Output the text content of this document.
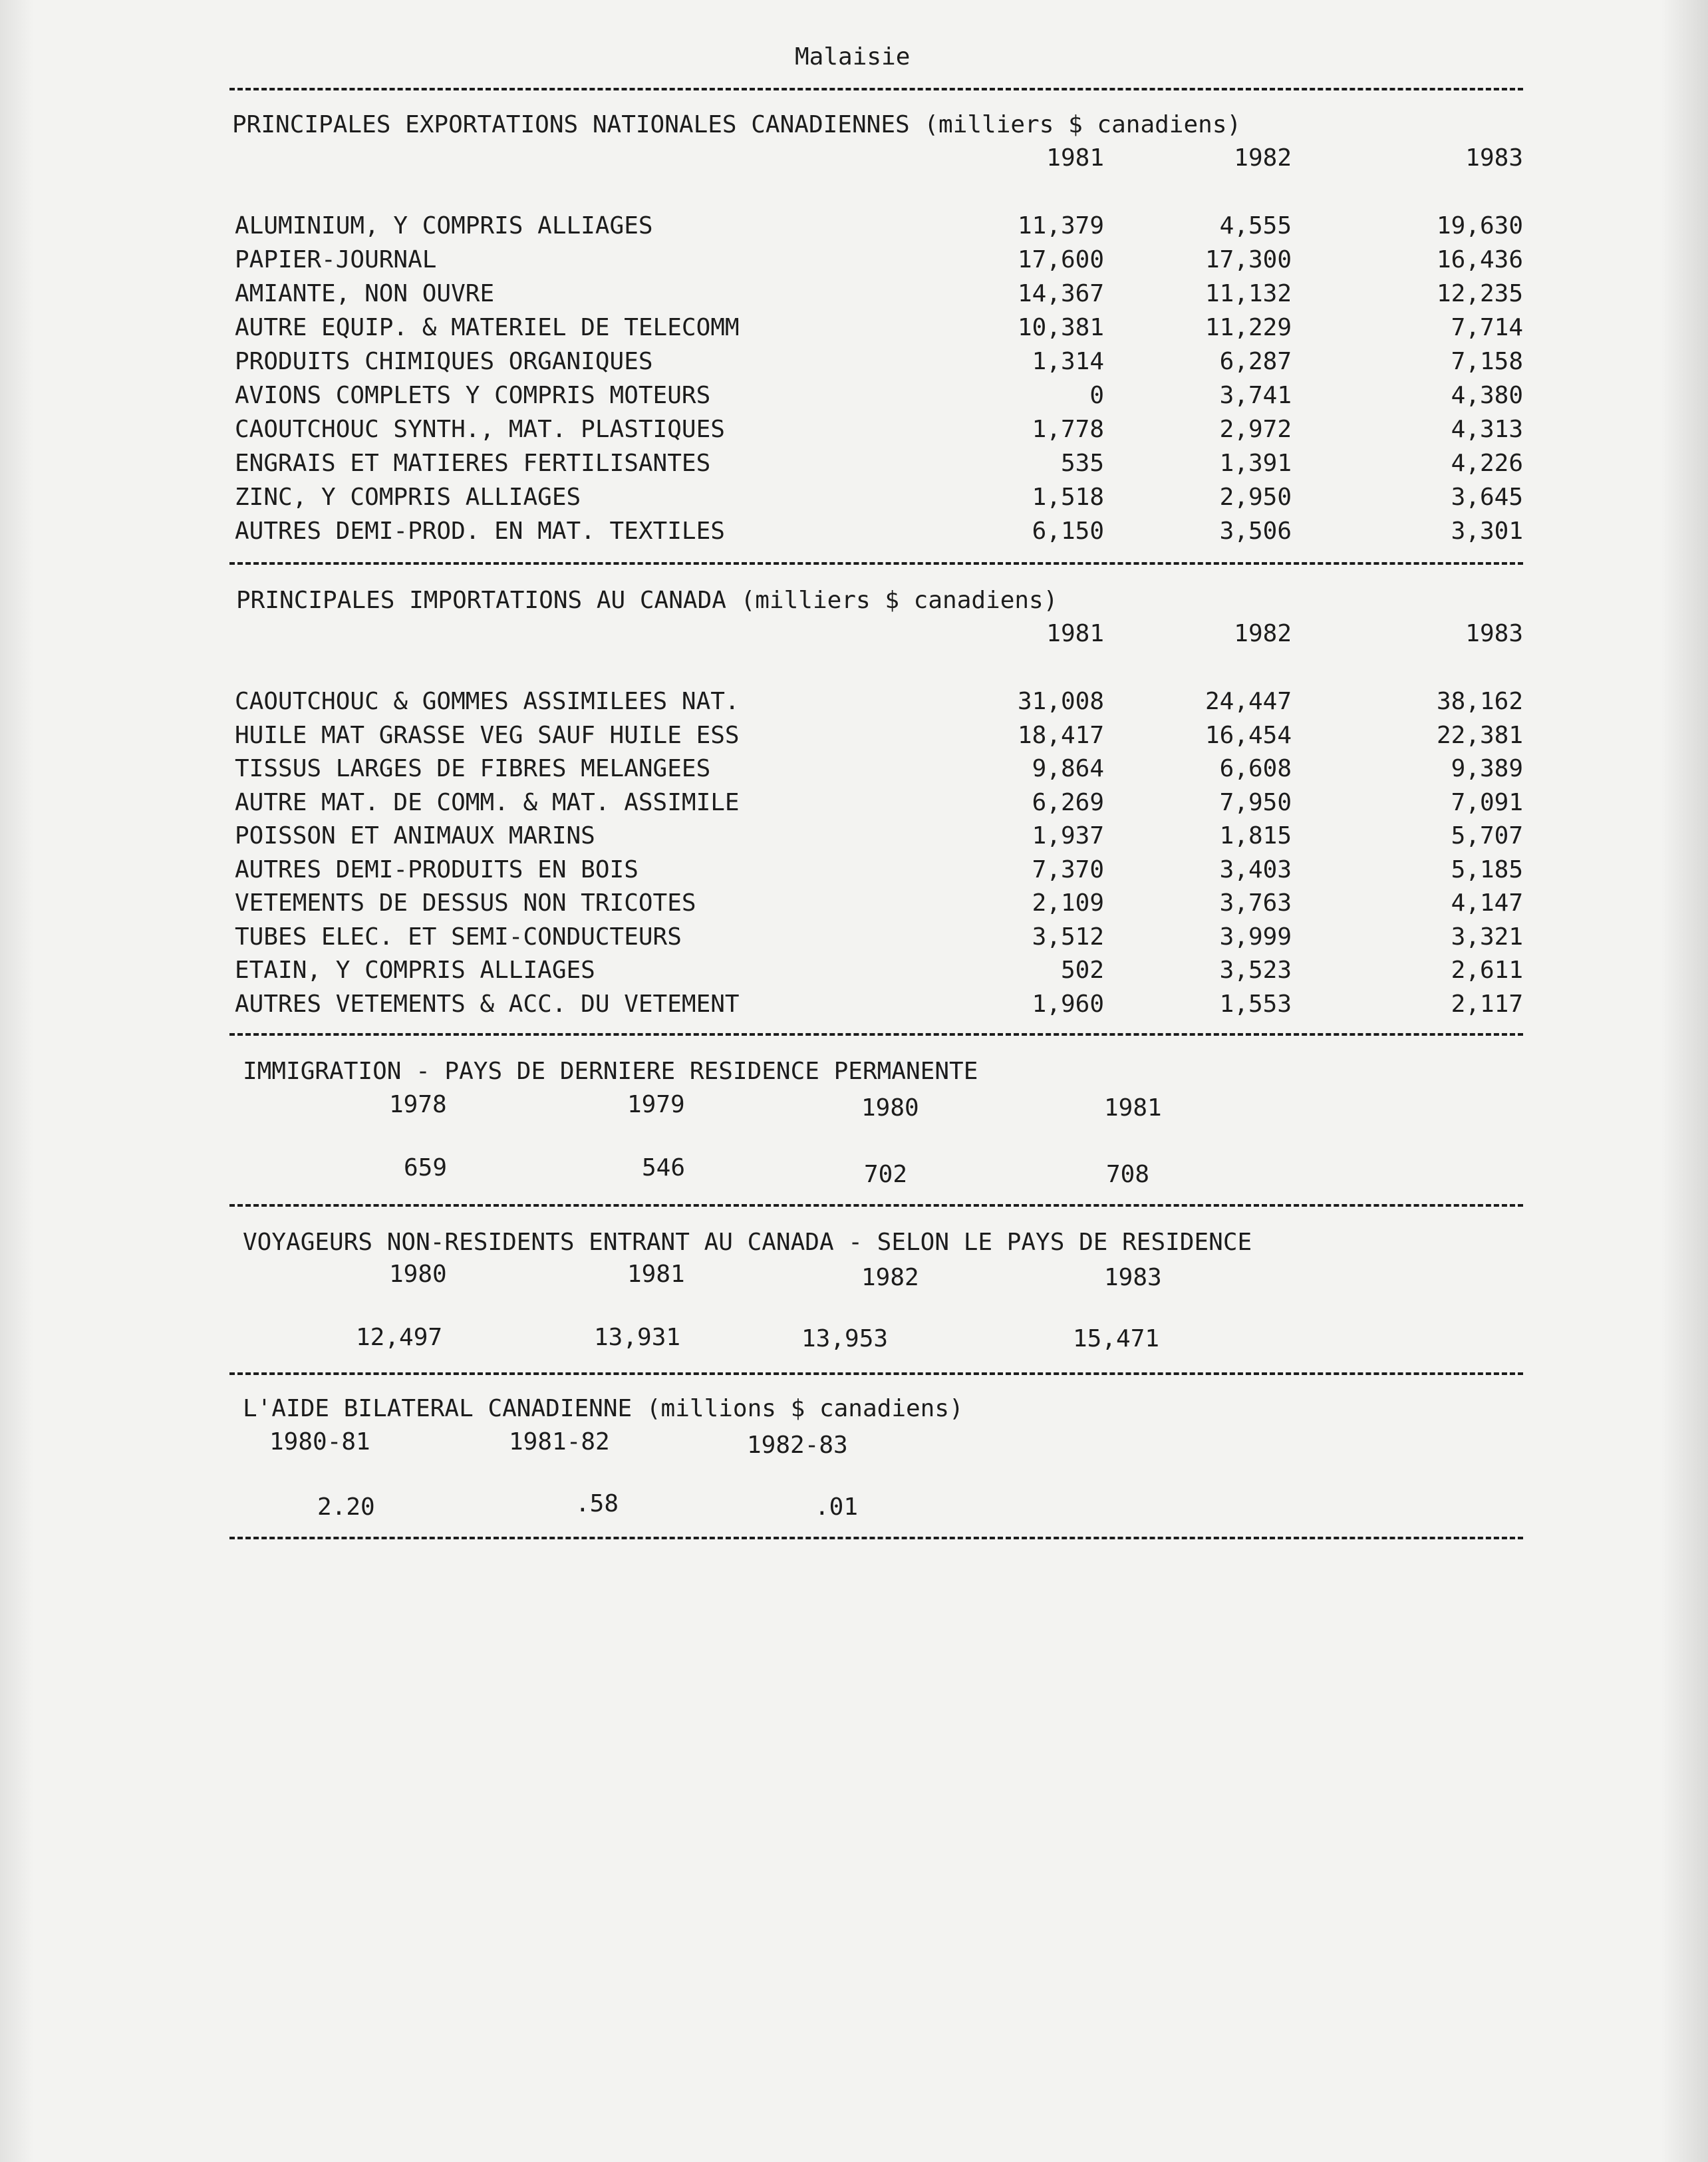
Malaisie
PRINCIPALES EXPORTATIONS NATIONALES CANADIENNES (milliers $ canadiens)
1981	1982	1983
ALUMINIUM, Y COMPRIS ALLIAGES	11,379	4,555	19,630
PAPIER-JOURNAL	17,600	17,300	16,436
AMIANTE, NON OUVRE	14,367	11,132	12,235
AUTRE EQUIP. & MATERIEL DE TELECOMM	10,381	11,229	7,714
PRODUITS CHIMIQUES ORGANIQUES	1,314	6,287	7,158
AVIONS COMPLETS Y COMPRIS MOTEURS	0	3,741	4,380
CAOUTCHOUC SYNTH., MAT. PLASTIQUES	1,778	2,972	4,313
ENGRAIS ET MATIERES FERTILISANTES	535	1,391	4,226
ZINC, Y COMPRIS ALLIAGES	1,518	2,950	3,645
AUTRES DEMI-PROD. EN MAT. TEXTILES	6,150	3,506	3,301
PRINCIPALES IMPORTATIONS AU CANADA (milliers $ canadiens)
1981	1982	1983
CAOUTCHOUC & GOMMES ASSIMILEES NAT.	31,008	24,447	38,162
HUILE MAT GRASSE VEG SAUF HUILE ESS	18,417	16,454	22,381
TISSUS LARGES DE FIBRES MELANGEES	9,864	6,608	9,389
AUTRE MAT. DE COMM. & MAT. ASSIMILE	6,269	7,950	7,091
POISSON ET ANIMAUX MARINS	1,937	1,815	5,707
AUTRES DEMI-PRODUITS EN BOIS	7,370	3,403	5,185
VETEMENTS DE DESSUS NON TRICOTES	2,109	3,763	4,147
TUBES ELEC. ET SEMI-CONDUCTEURS	3,512	3,999	3,321
ETAIN, Y COMPRIS ALLIAGES	502	3,523	2,611
AUTRES VETEMENTS & ACC. DU VETEMENT	1,960	1,553	2,117
IMMIGRATION - PAYS DE DERNIERE RESIDENCE PERMANENTE
1978	1979	1980	1981
659	546	702	708
VOYAGEURS NON-RESIDENTS ENTRANT AU CANADA - SELON LE PAYS DE RESIDENCE
1980	1981	1982	1983
12,497	13,931	13,953	15,471
L'AIDE BILATERAL CANADIENNE (millions $ canadiens)
1980-81	1981-82	1982-83
2.20	.58	.01
